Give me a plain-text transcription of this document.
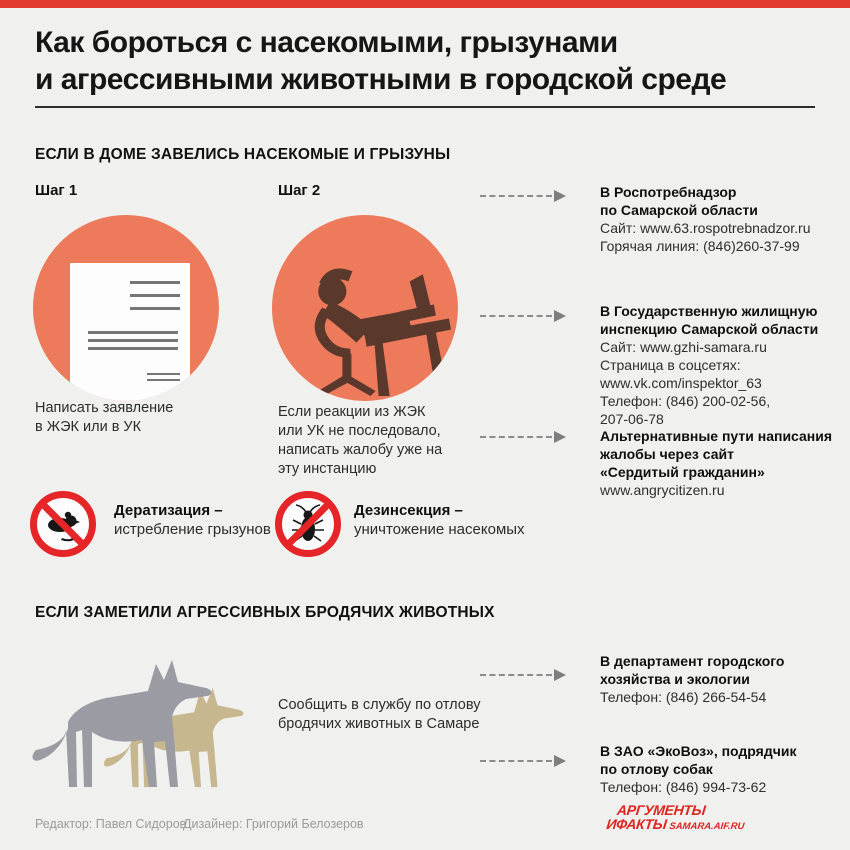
Как бороться с насекомыми, грызунами
и агрессивными животными в городской среде
ЕСЛИ В ДОМЕ ЗАВЕЛИСЬ НАСЕКОМЫЕ И ГРЫЗУНЫ
Шаг 1	Шаг 2
Написать заявление
в ЖЭК или в УК
Если реакции из ЖЭК
или УК не последовало,
написать жалобу уже на
эту инстанцию
В Роспотребнадзор
по Самарской области
Сайт: www.63.rospotrebnadzor.ru
Горячая линия: (846)260-37-99
В Государственную жилищную
инспекцию Самарской области
Сайт: www.gzhi-samara.ru
Страница в соцсетях:
www.vk.com/inspektor_63
Телефон: (846) 200-02-56,
207-06-78
Альтернативные пути написания
жалобы через сайт
«Сердитый гражданин»
www.angrycitizen.ru
Дератизация –
истребление грызунов
Дезинсекция –
уничтожение насекомых
ЕСЛИ ЗАМЕТИЛИ АГРЕССИВНЫХ БРОДЯЧИХ ЖИВОТНЫХ
Сообщить в службу по отлову
бродячих животных в Самаре
В департамент городского
хозяйства и экологии
Телефон: (846) 266-54-54
В ЗАО «ЭкоВоз», подрядчик
по отлову собак
Телефон: (846) 994-73-62
Редактор: Павел Сидоров
Дизайнер: Григорий Белозеров
АРГУМЕНТЫ
ИФАКТЫSAMARA.AIF.RU
